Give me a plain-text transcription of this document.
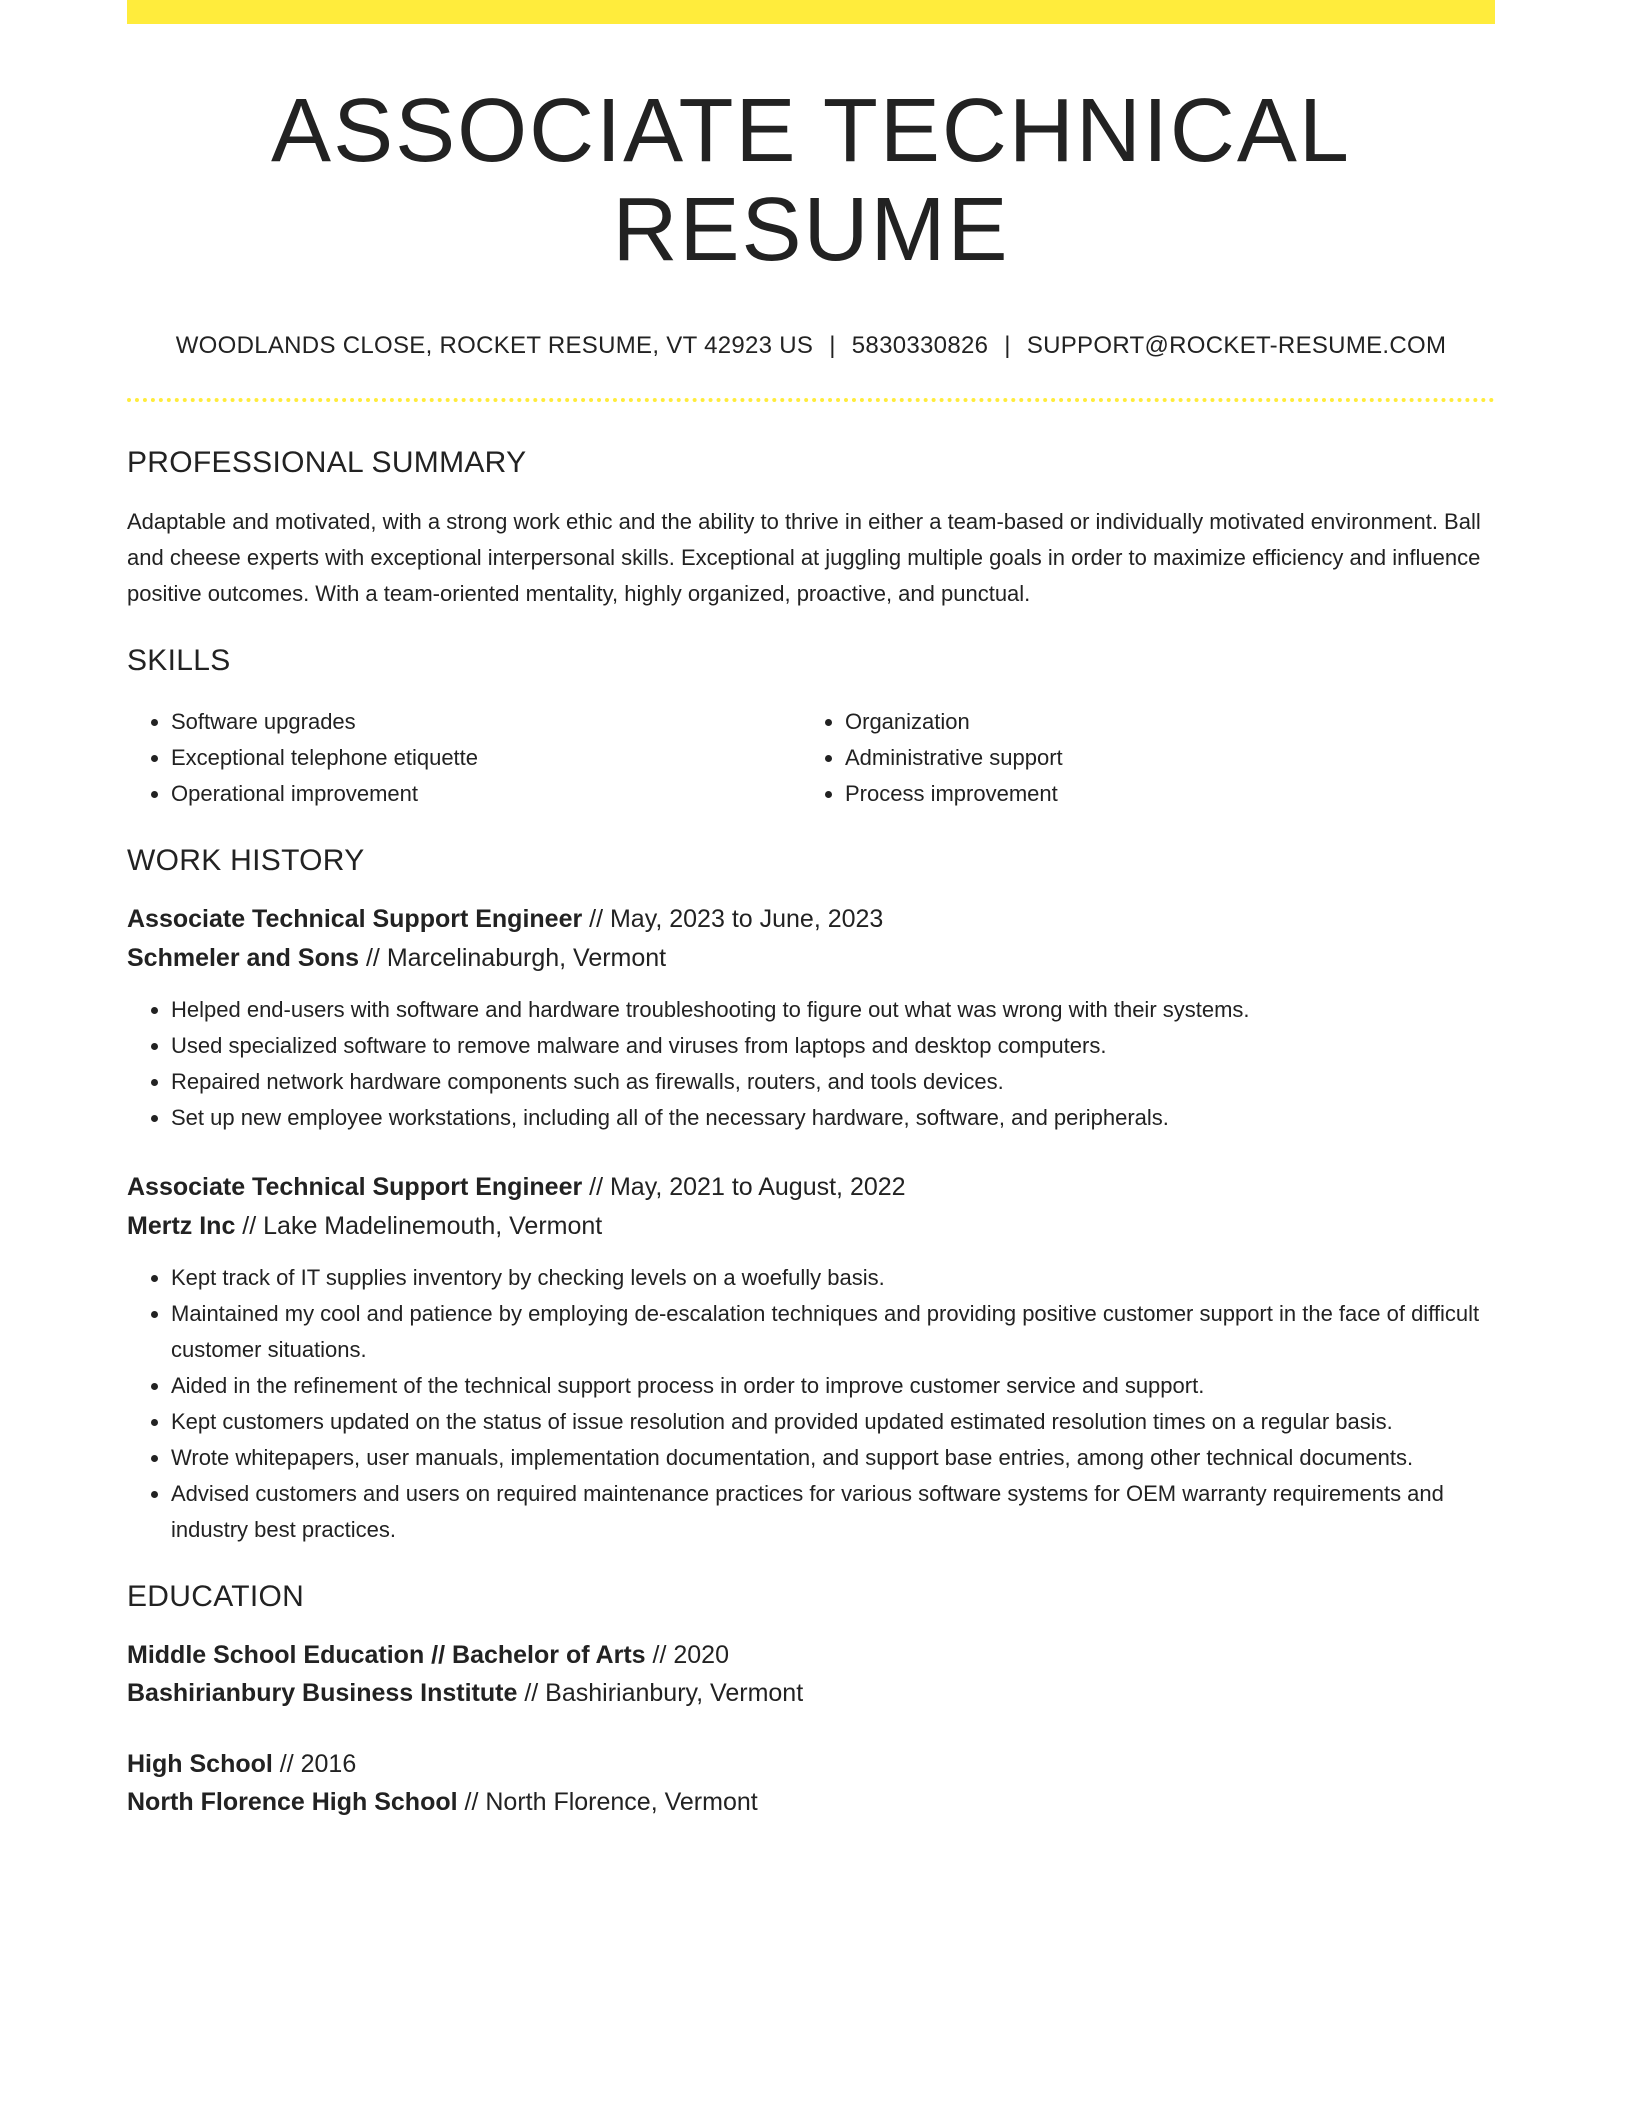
ASSOCIATE TECHNICAL RESUME
WOODLANDS CLOSE, ROCKET RESUME, VT 42923 US | 5830330826 | SUPPORT@ROCKET-RESUME.COM
PROFESSIONAL SUMMARY
Adaptable and motivated, with a strong work ethic and the ability to thrive in either a team-based or individually motivated environment. Ball and cheese experts with exceptional interpersonal skills. Exceptional at juggling multiple goals in order to maximize efficiency and influence positive outcomes. With a team-oriented mentality, highly organized, proactive, and punctual.
SKILLS
• Software upgrades
• Exceptional telephone etiquette
• Operational improvement
• Organization
• Administrative support
• Process improvement
WORK HISTORY
Associate Technical Support Engineer // May, 2023 to June, 2023
Schmeler and Sons // Marcelinaburgh, Vermont
• Helped end-users with software and hardware troubleshooting to figure out what was wrong with their systems.
• Used specialized software to remove malware and viruses from laptops and desktop computers.
• Repaired network hardware components such as firewalls, routers, and tools devices.
• Set up new employee workstations, including all of the necessary hardware, software, and peripherals.
Associate Technical Support Engineer // May, 2021 to August, 2022
Mertz Inc // Lake Madelinemouth, Vermont
• Kept track of IT supplies inventory by checking levels on a woefully basis.
• Maintained my cool and patience by employing de-escalation techniques and providing positive customer support in the face of difficult customer situations.
• Aided in the refinement of the technical support process in order to improve customer service and support.
• Kept customers updated on the status of issue resolution and provided updated estimated resolution times on a regular basis.
• Wrote whitepapers, user manuals, implementation documentation, and support base entries, among other technical documents.
• Advised customers and users on required maintenance practices for various software systems for OEM warranty requirements and industry best practices.
EDUCATION
Middle School Education // Bachelor of Arts // 2020
Bashirianbury Business Institute // Bashirianbury, Vermont
High School // 2016
North Florence High School // North Florence, Vermont
